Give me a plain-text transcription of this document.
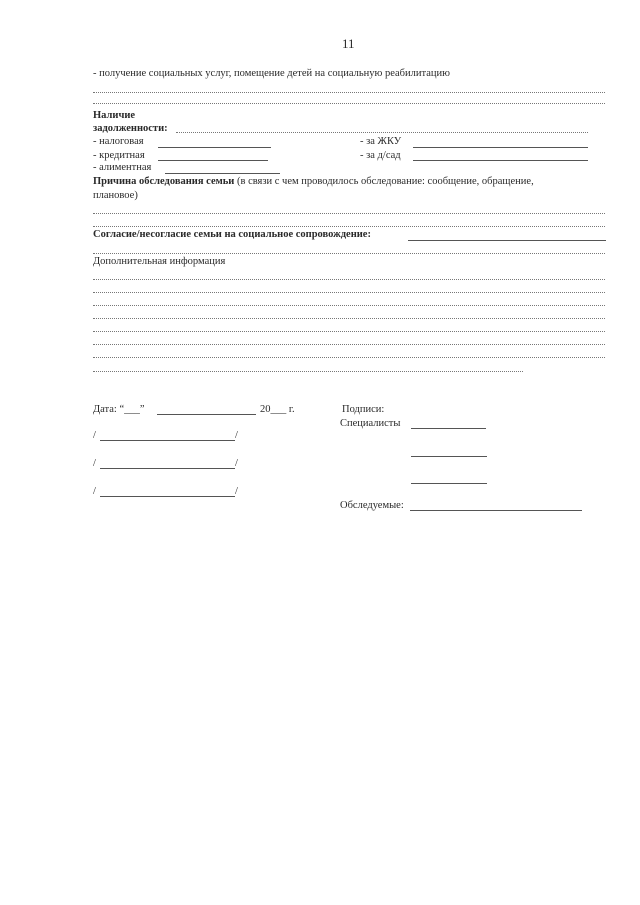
11
- получение социальных услуг, помещение детей на социальную реабилитацию
Наличие
задолженности:
- налоговая	- за ЖКУ
- кредитная	- за д/сад
- алиментная
Причина обследования семьи (в связи с чем проводилось обследование: сообщение, обращение,
плановое)
Согласие/несогласие семьи на социальное сопровождение:
Дополнительная информация
Дата: “___”	20___ г.	Подписи:
Специалисты
Обследуемые:
/	/
/	/
/	/
